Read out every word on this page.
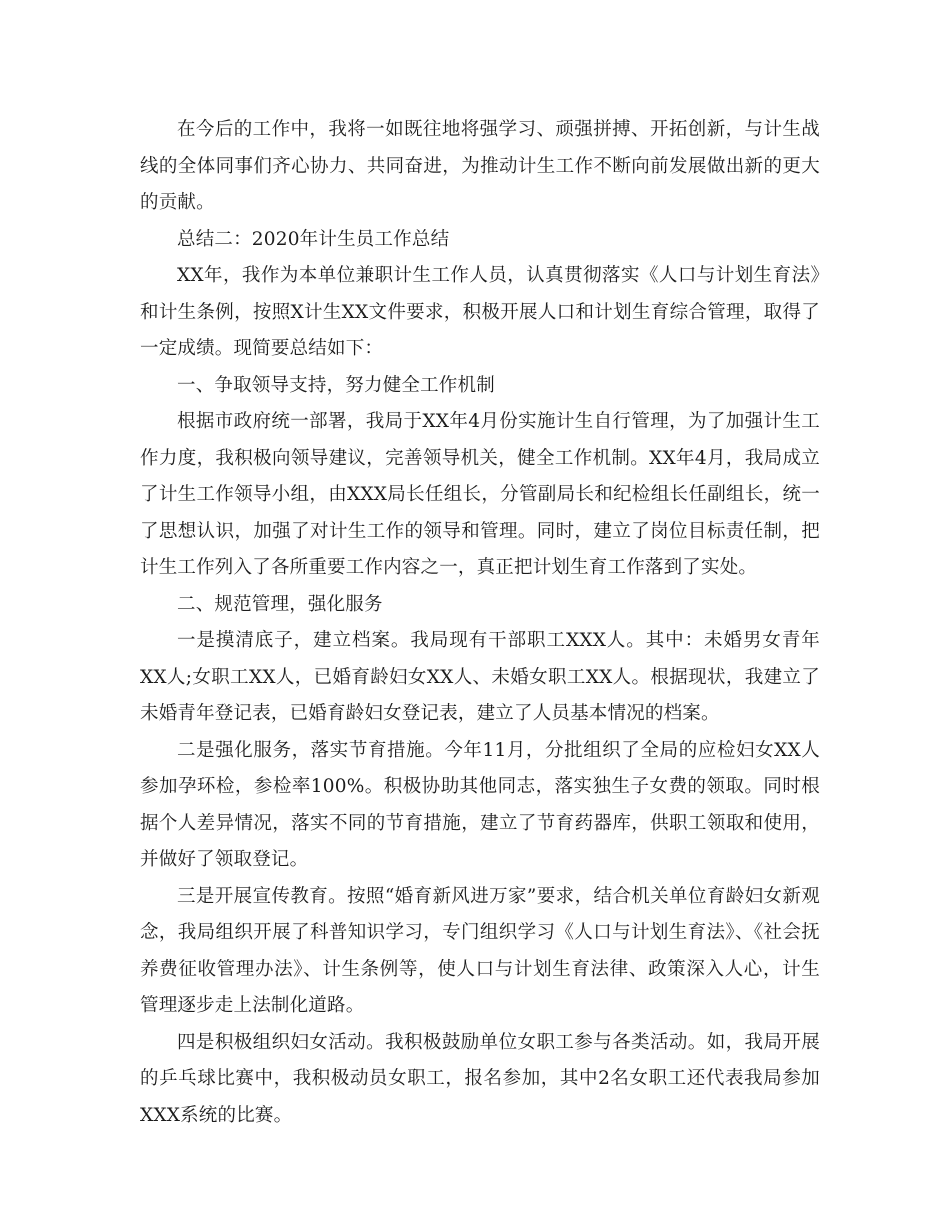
在今后的工作中，我将一如既往地将强学习、顽强拼搏、开拓创新，与计生战线的全体同事们齐心协力、共同奋进，为推动计生工作不断向前发展做出新的更大的贡献。

总结二：2020年计生员工作总结

XX年，我作为本单位兼职计生工作人员，认真贯彻落实《人口与计划生育法》和计生条例，按照X计生XX文件要求，积极开展人口和计划生育综合管理，取得了一定成绩。现简要总结如下：

一、争取领导支持，努力健全工作机制

根据市政府统一部署，我局于XX年4月份实施计生自行管理，为了加强计生工作力度，我积极向领导建议，完善领导机关，健全工作机制。XX年4月，我局成立了计生工作领导小组，由XXX局长任组长，分管副局长和纪检组长任副组长，统一了思想认识，加强了对计生工作的领导和管理。同时，建立了岗位目标责任制，把计生工作列入了各所重要工作内容之一，真正把计划生育工作落到了实处。

二、规范管理，强化服务

一是摸清底子，建立档案。我局现有干部职工XXX人。其中：未婚男女青年XX人;女职工XX人，已婚育龄妇女XX人、未婚女职工XX人。根据现状，我建立了未婚青年登记表，已婚育龄妇女登记表，建立了人员基本情况的档案。

二是强化服务，落实节育措施。今年11月，分批组织了全局的应检妇女XX人参加孕环检，参检率100%。积极协助其他同志，落实独生子女费的领取。同时根据个人差异情况，落实不同的节育措施，建立了节育药器库，供职工领取和使用，并做好了领取登记。

三是开展宣传教育。按照“婚育新风进万家”要求，结合机关单位育龄妇女新观念，我局组织开展了科普知识学习，专门组织学习《人口与计划生育法》、《社会抚养费征收管理办法》、计生条例等，使人口与计划生育法律、政策深入人心，计生管理逐步走上法制化道路。

四是积极组织妇女活动。我积极鼓励单位女职工参与各类活动。如，我局开展的乒乓球比赛中，我积极动员女职工，报名参加，其中2名女职工还代表我局参加XXX系统的比赛。
